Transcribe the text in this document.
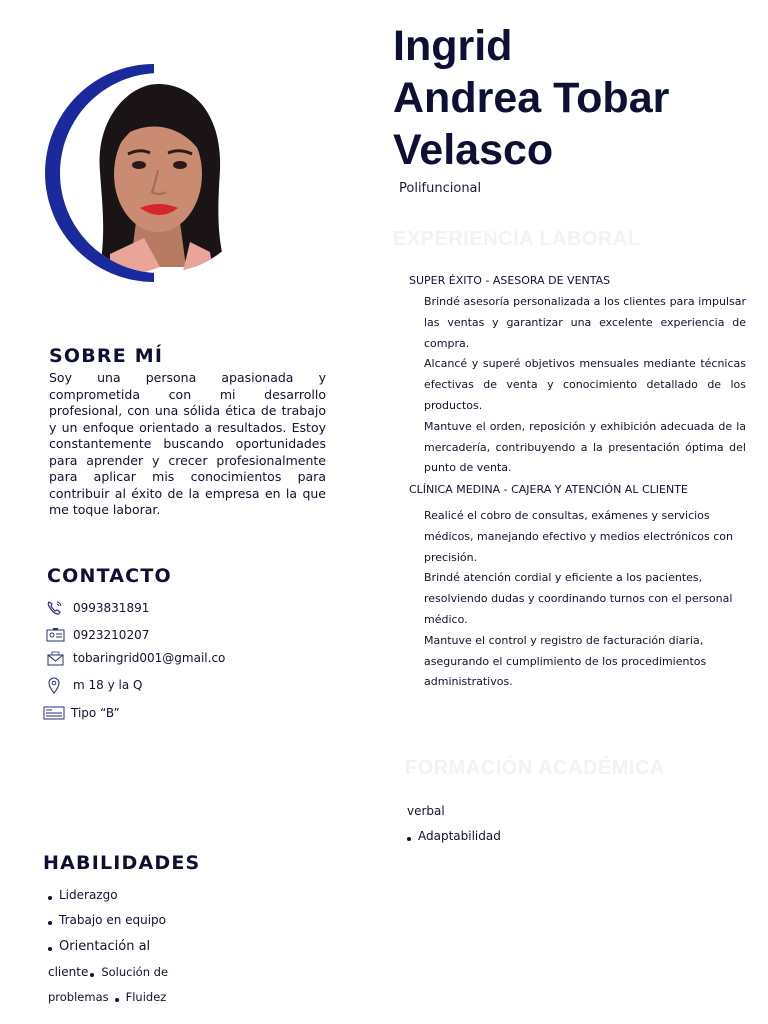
Ingrid
Andrea Tobar
Velasco
Polifuncional
EXPERIENCIA LABORAL
SUPER ÉXITO - ASESORA DE VENTAS

Brindé asesoría personalizada a los clientes para impulsar las ventas y garantizar una excelente experiencia de compra.

Alcancé y superé objetivos mensuales mediante técnicas efectivas de venta y conocimiento detallado de los productos.

Mantuve el orden, reposición y exhibición adecuada de la mercadería, contribuyendo a la presentación óptima del punto de venta.

CLÍNICA MEDINA - CAJERA Y ATENCIÓN AL CLIENTE

Realicé el cobro de consultas, exámenes y servicios médicos, manejando efectivo y medios electrónicos con precisión.

Brindé atención cordial y eficiente a los pacientes, resolviendo dudas y coordinando turnos con el personal médico.

Mantuve el control y registro de facturación diaria, asegurando el cumplimiento de los procedimientos administrativos.

FORMACIÓN ACADÉMICA
verbal
Adaptabilidad
SOBRE MÍ
Soy una persona apasionada y comprometida con mi desarrollo profesional, con una sólida ética de trabajo y un enfoque orientado a resultados. Estoy constantemente buscando oportunidades para aprender y crecer profesionalmente para aplicar mis conocimientos para contribuir al éxito de la empresa en la que me toque laborar.
CONTACTO
0993831891
0923210207
tobaringrid001@gmail.co
m 18 y la Q
Tipo “B”
HABILIDADES
Liderazgo
Trabajo en equipo
Orientación al
cliente Solución de
problemas Fluidez
